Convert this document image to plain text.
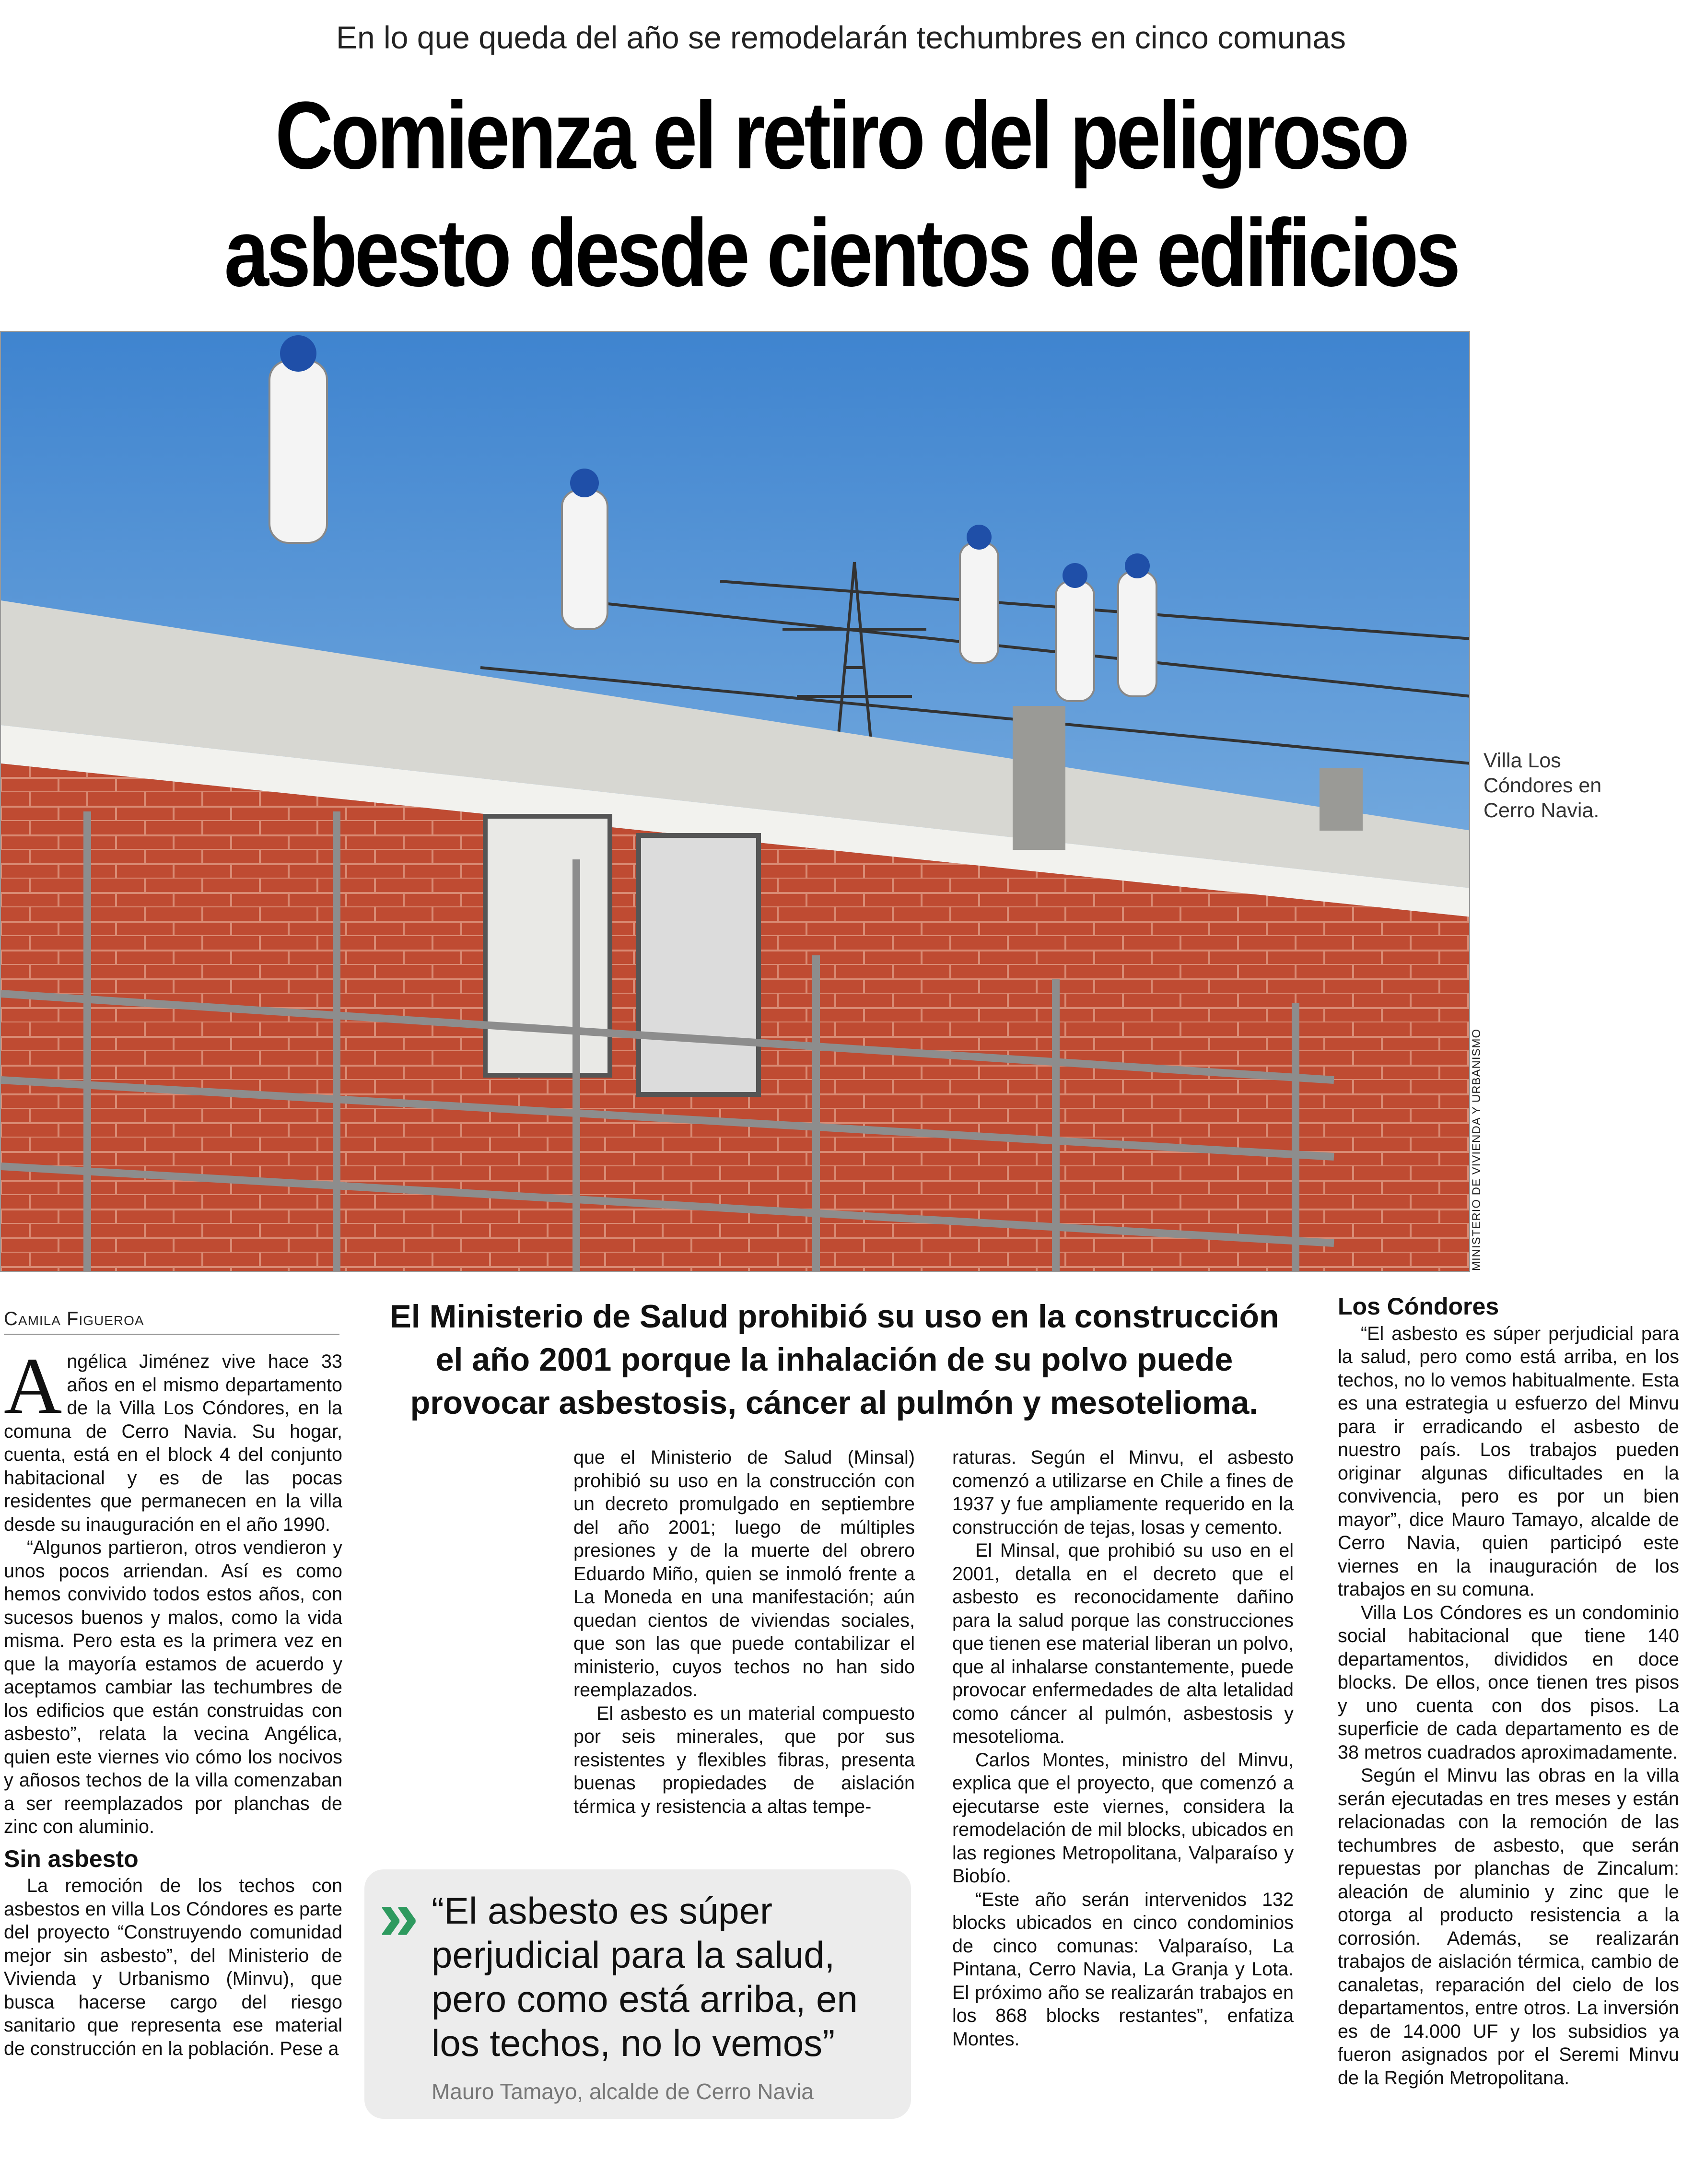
En lo que queda del año se remodelarán techumbres en cinco comunas
Comienza el retiro del peligroso
asbesto desde cientos de edificios
Villa Los Cóndores en Cerro Navia.
MINISTERIO DE VIVIENDA Y URBANISMO
Camila Figueroa	El Ministerio de Salud prohibió su uso en la construcción el año 2001 porque la inhalación de su polvo puede provocar asbestosis, cáncer al pulmón y mesotelioma.

Angélica Jiménez vive hace 33 años en el mismo departamento de la Villa Los Cóndores, en la comuna de Cerro Navia. Su hogar, cuenta, está en el block 4 del conjunto habitacional y es de las pocas residentes que permanecen en la villa desde su inauguración en el año 1990.

“Algunos partieron, otros vendieron y unos pocos arriendan. Así es como hemos convivido todos estos años, con sucesos buenos y malos, como la vida misma. Pero esta es la primera vez en que la mayoría estamos de acuerdo y aceptamos cambiar las techumbres de los edificios que están construidas con asbesto”, relata la vecina Angélica, quien este viernes vio cómo los nocivos y añosos techos de la villa comenzaban a ser reemplazados por planchas de zinc con aluminio.

Sin asbesto

La remoción de los techos con asbestos en villa Los Cóndores es parte del proyecto “Construyendo comunidad mejor sin asbesto”, del Ministerio de Vivienda y Urbanismo (Minvu), que busca hacerse cargo del riesgo sanitario que representa ese material de construcción en la población. Pese a

que el Ministerio de Salud (Minsal) prohibió su uso en la construcción con un decreto promulgado en septiembre del año 2001; luego de múltiples presiones y de la muerte del obrero Eduardo Miño, quien se inmoló frente a La Moneda en una manifestación; aún quedan cientos de viviendas sociales, que son las que puede contabilizar el ministerio, cuyos techos no han sido reemplazados.

El asbesto es un material compuesto por seis minerales, que por sus resistentes y flexibles fibras, presenta buenas propiedades de aislación térmica y resistencia a altas tempe-

raturas. Según el Minvu, el asbesto comenzó a utilizarse en Chile a fines de 1937 y fue ampliamente requerido en la construcción de tejas, losas y cemento.

El Minsal, que prohibió su uso en el 2001, detalla en el decreto que el asbesto es reconocidamente dañino para la salud porque las construcciones que tienen ese material liberan un polvo, que al inhalarse constantemente, puede provocar enfermedades de alta letalidad como cáncer al pulmón, asbestosis y mesotelioma.

Carlos Montes, ministro del Minvu, explica que el proyecto, que comenzó a ejecutarse este viernes, considera la remodelación de mil blocks, ubicados en las regiones Metropolitana, Valparaíso y Biobío.

“Este año serán intervenidos 132 blocks ubicados en cinco condominios de cinco comunas: Valparaíso, La Pintana, Cerro Navia, La Granja y Lota. El próximo año se realizarán trabajos en los 868 blocks restantes”, enfatiza Montes.

Los Cóndores

“El asbesto es súper perjudicial para la salud, pero como está arriba, en los techos, no lo vemos habitualmente. Esta es una estrategia u esfuerzo del Minvu para ir erradicando el asbesto de nuestro país. Los trabajos pueden originar algunas dificultades en la convivencia, pero es por un bien mayor”, dice Mauro Tamayo, alcalde de Cerro Navia, quien participó este viernes en la inauguración de los trabajos en su comuna.

Villa Los Cóndores es un condominio social habitacional que tiene 140 departamentos, divididos en doce blocks. De ellos, once tienen tres pisos y uno cuenta con dos pisos. La superficie de cada departamento es de 38 metros cuadrados aproximadamente.

Según el Minvu las obras en la villa serán ejecutadas en tres meses y están relacionadas con la remoción de las techumbres de asbesto, que serán repuestas por planchas de Zincalum: aleación de aluminio y zinc que le otorga al producto resistencia a la corrosión. Además, se realizarán trabajos de aislación térmica, cambio de canaletas, reparación del cielo de los departamentos, entre otros. La inversión es de 14.000 UF y los subsidios ya fueron asignados por el Seremi Minvu de la Región Metropolitana.

» “El asbesto es súper perjudicial para la salud, pero como está arriba, en los techos, no lo vemos”
Mauro Tamayo, alcalde de Cerro Navia
